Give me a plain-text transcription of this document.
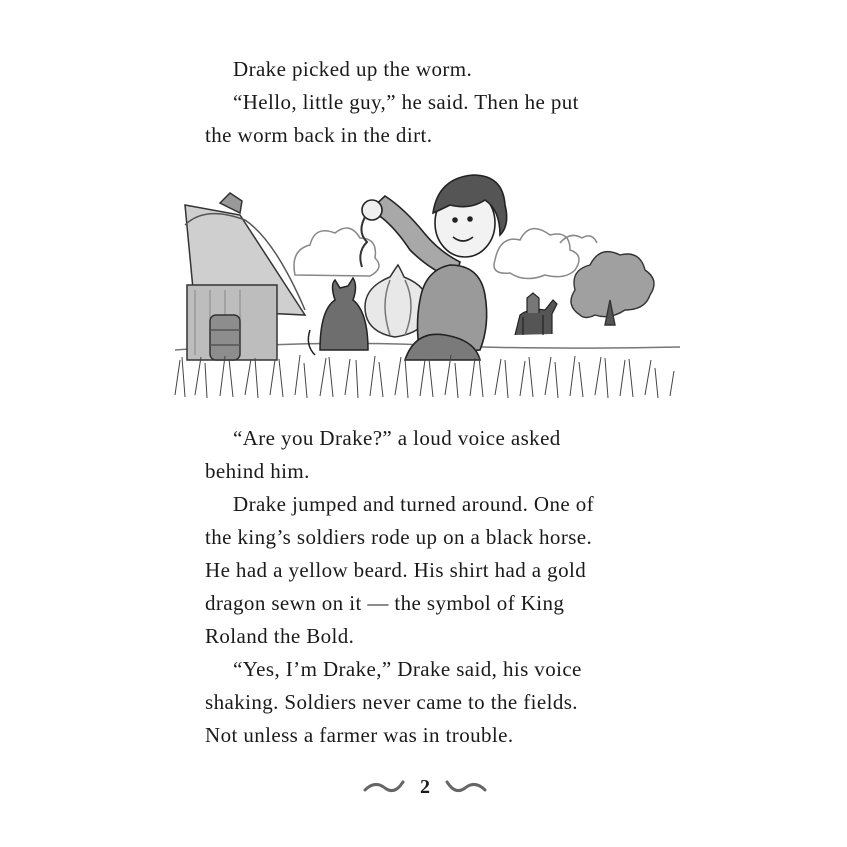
Drake picked up the worm.

“Hello, little guy,” he said. Then he put
the worm back in the dirt.

“Are you Drake?” a loud voice asked
behind him.

Drake jumped and turned around. One of
the king’s soldiers rode up on a black horse.
He had a yellow beard. His shirt had a gold
dragon sewn on it — the symbol of King
Roland the Bold.

“Yes, I’m Drake,” Drake said, his voice
shaking. Soldiers never came to the fields.
Not unless a farmer was in trouble.

2
